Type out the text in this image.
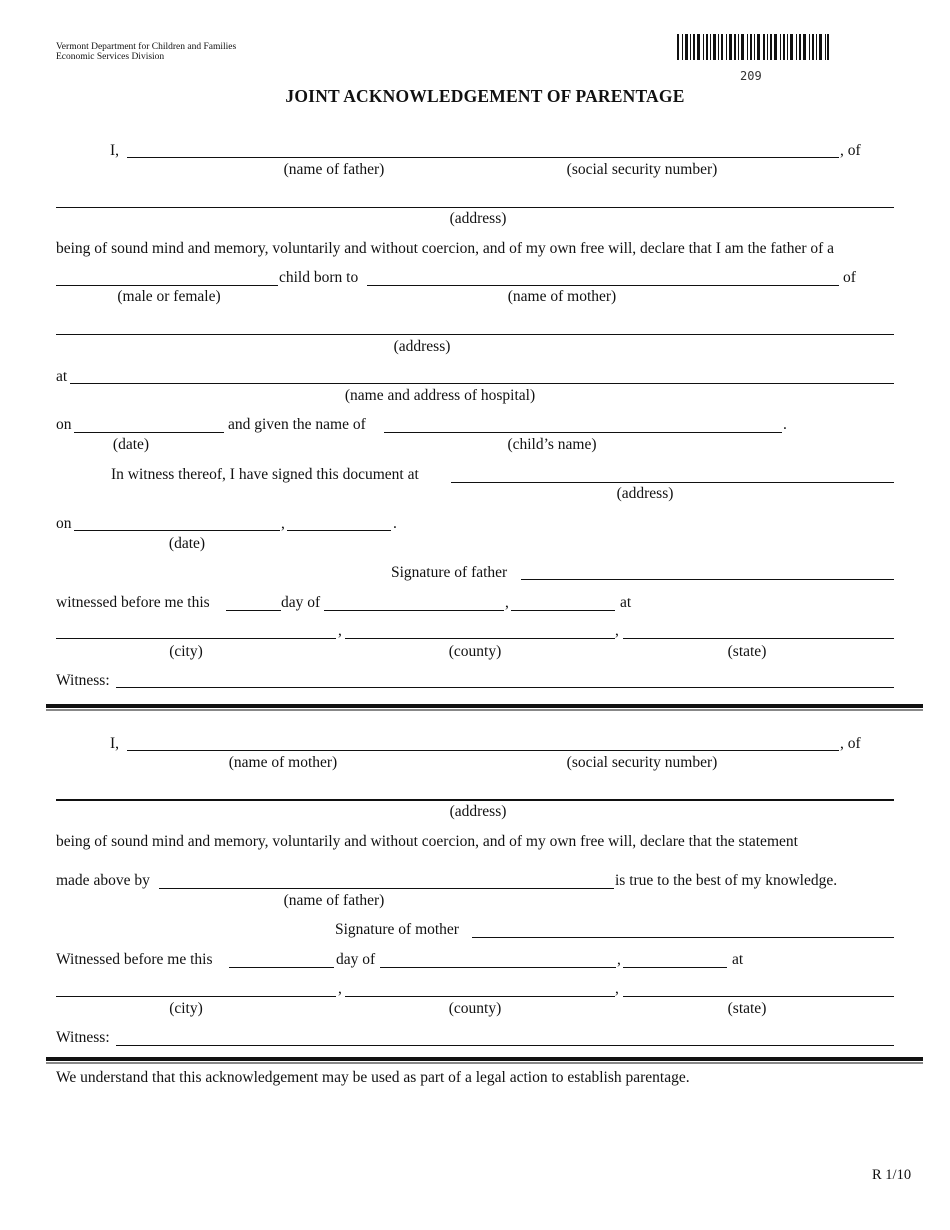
Vermont Department for Children and Families
Economic Services Division
209
JOINT ACKNOWLEDGEMENT OF PARENTAGE
I,	, of
(name of father)	(social security number)
(address)
being of sound mind and memory, voluntarily and without coercion, and of my own free will, declare that I am the father of a
child born to	of
(male or female)	(name of mother)
(address)
at
(name and address of hospital)
on	and given the name of	.
(date)	(child’s name)
In witness thereof, I have signed this document at
(address)
on	,	.
(date)
Signature of father
witnessed before me this	day of	,	at
,	,
(city)	(county)	(state)
Witness:
I,	, of
(name of mother)	(social security number)
(address)
being of sound mind and memory, voluntarily and without coercion, and of my own free will, declare that the statement
made above by	is true to the best of my knowledge.
(name of father)
Signature of mother
Witnessed before me this	day of	,	at
,	,
(city)	(county)	(state)
Witness:
We understand that this acknowledgement may be used as part of a legal action to establish parentage.
R 1/10
